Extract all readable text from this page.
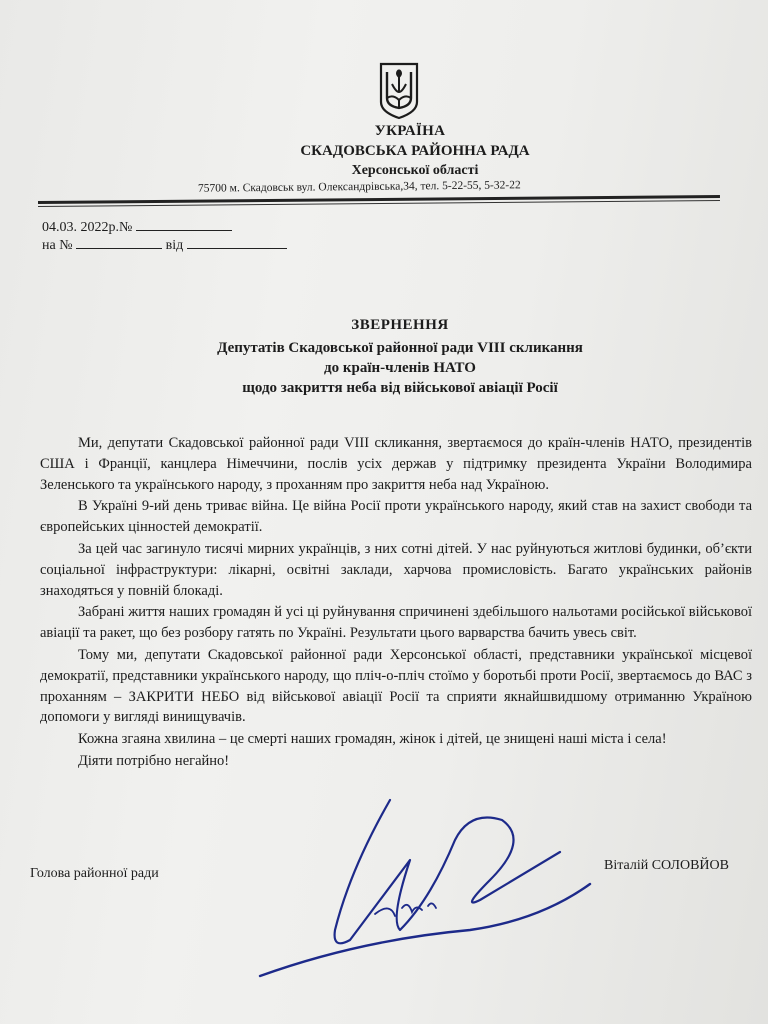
УКРАЇНА
СКАДОВСЬКА РАЙОННА РАДА
Херсонської області
75700 м. Скадовськ вул. Олександрівська,34, тел. 5-22-55, 5-32-22
04.03. 2022р.№
на №	від
ЗВЕРНЕННЯ
Депутатів Скадовської районної ради VIII скликання
до країн-членів НАТО
щодо закриття неба від військової авіації Росії

Ми, депутати Скадовської районної ради VIII скликання, звертаємося до країн-членів НАТО, президентів США і Франції, канцлера Німеччини, послів усіх держав у підтримку президента України Володимира Зеленського та українського народу, з проханням про закриття неба над Україною.

В Україні 9-ий день триває війна. Це війна Росії проти українського народу, який став на захист свободи та європейських цінностей демократії.

За цей час загинуло тисячі мирних українців, з них сотні дітей. У нас руйнуються житлові будинки, об’єкти соціальної інфраструктури: лікарні, освітні заклади, харчова промисловість. Багато українських районів знаходяться у повній блокаді.

Забрані життя наших громадян й усі ці руйнування спричинені здебільшого нальотами російської військової авіації та ракет, що без розбору гатять по Україні. Результати цього варварства бачить увесь світ.

Тому ми, депутати Скадовської районної ради Херсонської області, представники української місцевої демократії, представники українського народу, що пліч-о-пліч стоїмо у боротьбі проти Росії, звертаємось до ВАС з проханням – ЗАКРИТИ НЕБО від військової авіації Росії та сприяти якнайшвидшому отриманню Україною допомоги у вигляді винищувачів.

Кожна згаяна хвилина – це смерті наших громадян, жінок і дітей, це знищені наші міста і села!

Діяти потрібно негайно!

Голова районної ради
Віталій СОЛОВЙОВ
